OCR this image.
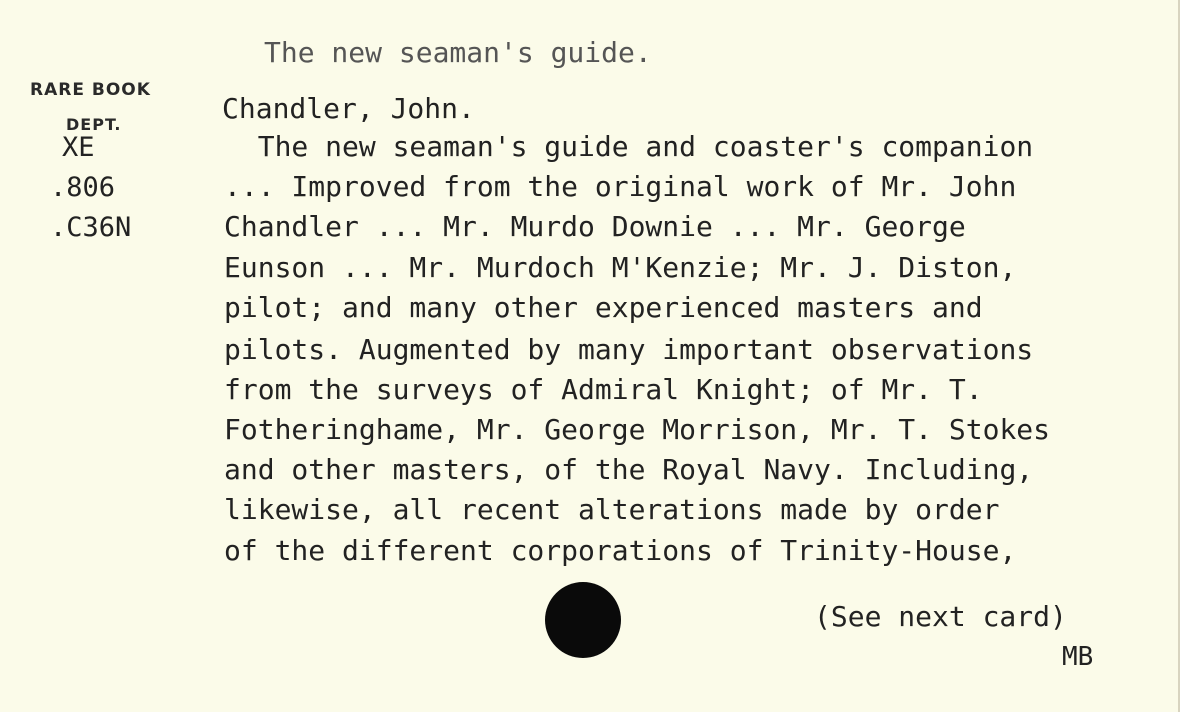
The new seaman's guide.
RARE BOOK
DEPT.
XE
.806
.C36N
Chandler, John.
The new seaman's guide and coaster's companion
... Improved from the original work of Mr. John
Chandler ... Mr. Murdo Downie ... Mr. George
Eunson ... Mr. Murdoch M'Kenzie; Mr. J. Diston,
pilot; and many other experienced masters and
pilots. Augmented by many important observations
from the surveys of Admiral Knight; of Mr. T.
Fotheringhame, Mr. George Morrison, Mr. T. Stokes
and other masters, of the Royal Navy. Including,
likewise, all recent alterations made by order
of the different corporations of Trinity-House,
(See next card)
MB
